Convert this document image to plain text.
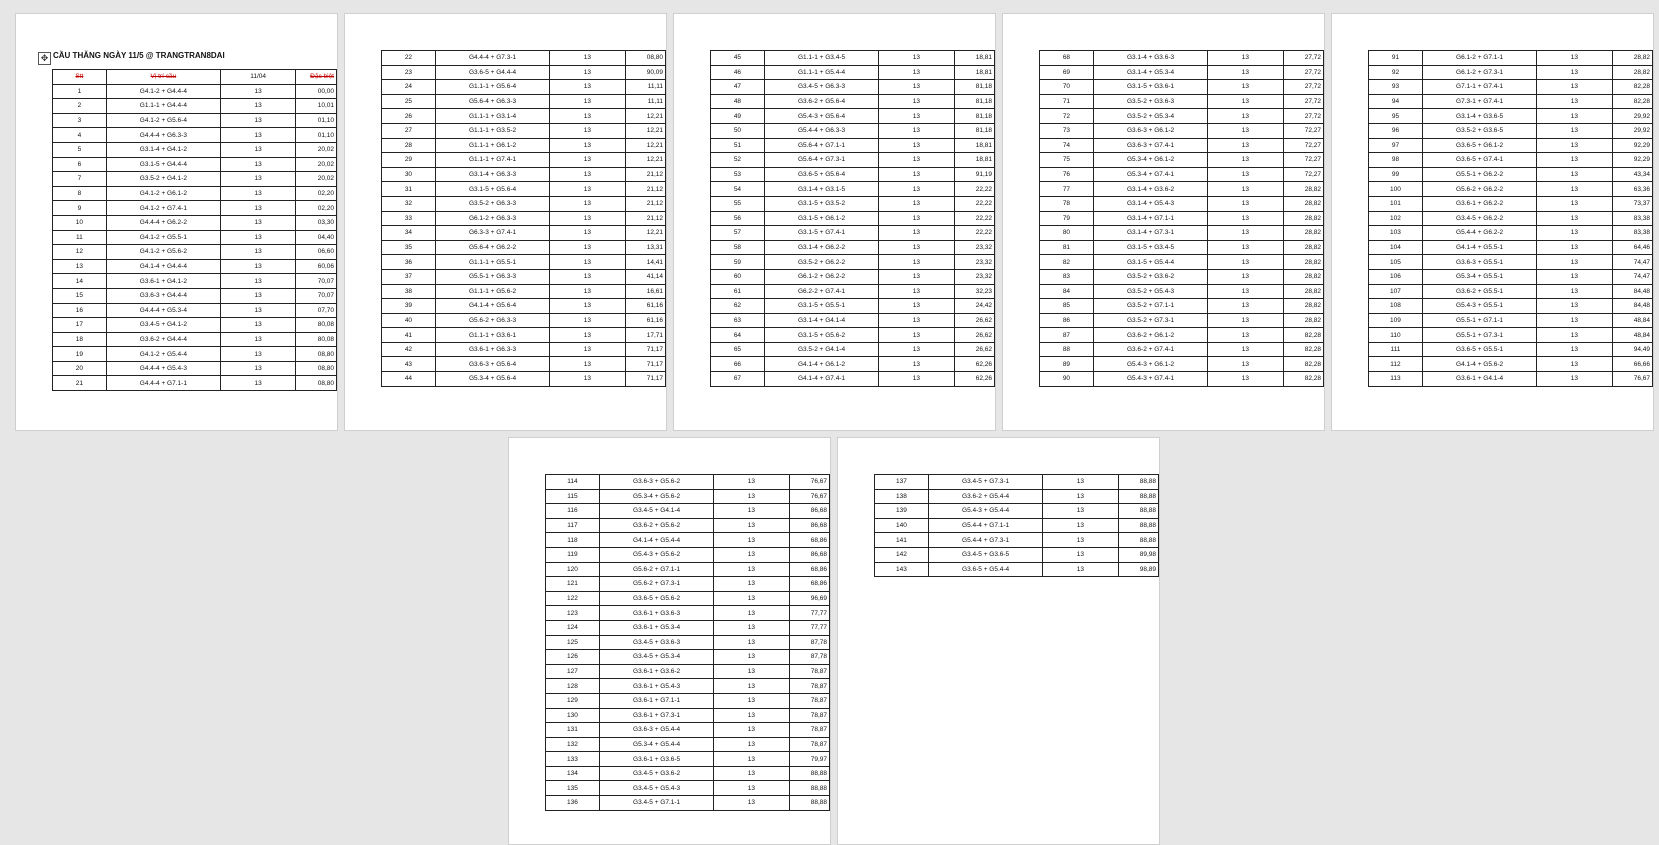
✥ CẦU THĂNG NGÀY 11/5 @ TRANGTRAN8DAI
Stt	Vị trí cầu	11/04	Đặc biệt
1	G4.1-2 + G4.4-4	13	00,00
2	G1.1-1 + G4.4-4	13	10,01
3	G4.1-2 + G5.6-4	13	01,10
4	G4.4-4 + G6.3-3	13	01,10
5	G3.1-4 + G4.1-2	13	20,02
6	G3.1-5 + G4.4-4	13	20,02
7	G3.5-2 + G4.1-2	13	20,02
8	G4.1-2 + G6.1-2	13	02,20
9	G4.1-2 + G7.4-1	13	02,20
10	G4.4-4 + G6.2-2	13	03,30
11	G4.1-2 + G5.5-1	13	04,40
12	G4.1-2 + G5.6-2	13	06,60
13	G4.1-4 + G4.4-4	13	60,06
14	G3.6-1 + G4.1-2	13	70,07
15	G3.6-3 + G4.4-4	13	70,07
16	G4.4-4 + G5.3-4	13	07,70
17	G3.4-5 + G4.1-2	13	80,08
18	G3.6-2 + G4.4-4	13	80,08
19	G4.1-2 + G5.4-4	13	08,80
20	G4.4-4 + G5.4-3	13	08,80
21	G4.4-4 + G7.1-1	13	08,80
22	G4.4-4 + G7.3-1	13	08,80
23	G3.6-5 + G4.4-4	13	90,09
24	G1.1-1 + G5.6-4	13	11,11
25	G5.6-4 + G6.3-3	13	11,11
26	G1.1-1 + G3.1-4	13	12,21
27	G1.1-1 + G3.5-2	13	12,21
28	G1.1-1 + G6.1-2	13	12,21
29	G1.1-1 + G7.4-1	13	12,21
30	G3.1-4 + G6.3-3	13	21,12
31	G3.1-5 + G5.6-4	13	21,12
32	G3.5-2 + G6.3-3	13	21,12
33	G6.1-2 + G6.3-3	13	21,12
34	G6.3-3 + G7.4-1	13	12,21
35	G5.6-4 + G6.2-2	13	13,31
36	G1.1-1 + G5.5-1	13	14,41
37	G5.5-1 + G6.3-3	13	41,14
38	G1.1-1 + G5.6-2	13	16,61
39	G4.1-4 + G5.6-4	13	61,16
40	G5.6-2 + G6.3-3	13	61,16
41	G1.1-1 + G3.6-1	13	17,71
42	G3.6-1 + G6.3-3	13	71,17
43	G3.6-3 + G5.6-4	13	71,17
44	G5.3-4 + G5.6-4	13	71,17
45	G1.1-1 + G3.4-5	13	18,81
46	G1.1-1 + G5.4-4	13	18,81
47	G3.4-5 + G6.3-3	13	81,18
48	G3.6-2 + G5.6-4	13	81,18
49	G5.4-3 + G5.6-4	13	81,18
50	G5.4-4 + G6.3-3	13	81,18
51	G5.6-4 + G7.1-1	13	18,81
52	G5.6-4 + G7.3-1	13	18,81
53	G3.6-5 + G5.6-4	13	91,19
54	G3.1-4 + G3.1-5	13	22,22
55	G3.1-5 + G3.5-2	13	22,22
56	G3.1-5 + G6.1-2	13	22,22
57	G3.1-5 + G7.4-1	13	22,22
58	G3.1-4 + G6.2-2	13	23,32
59	G3.5-2 + G6.2-2	13	23,32
60	G6.1-2 + G6.2-2	13	23,32
61	G6.2-2 + G7.4-1	13	32,23
62	G3.1-5 + G5.5-1	13	24,42
63	G3.1-4 + G4.1-4	13	26,62
64	G3.1-5 + G5.6-2	13	26,62
65	G3.5-2 + G4.1-4	13	26,62
66	G4.1-4 + G6.1-2	13	62,26
67	G4.1-4 + G7.4-1	13	62,26
68	G3.1-4 + G3.6-3	13	27,72
69	G3.1-4 + G5.3-4	13	27,72
70	G3.1-5 + G3.6-1	13	27,72
71	G3.5-2 + G3.6-3	13	27,72
72	G3.5-2 + G5.3-4	13	27,72
73	G3.6-3 + G6.1-2	13	72,27
74	G3.6-3 + G7.4-1	13	72,27
75	G5.3-4 + G6.1-2	13	72,27
76	G5.3-4 + G7.4-1	13	72,27
77	G3.1-4 + G3.6-2	13	28,82
78	G3.1-4 + G5.4-3	13	28,82
79	G3.1-4 + G7.1-1	13	28,82
80	G3.1-4 + G7.3-1	13	28,82
81	G3.1-5 + G3.4-5	13	28,82
82	G3.1-5 + G5.4-4	13	28,82
83	G3.5-2 + G3.6-2	13	28,82
84	G3.5-2 + G5.4-3	13	28,82
85	G3.5-2 + G7.1-1	13	28,82
86	G3.5-2 + G7.3-1	13	28,82
87	G3.6-2 + G6.1-2	13	82,28
88	G3.6-2 + G7.4-1	13	82,28
89	G5.4-3 + G6.1-2	13	82,28
90	G5.4-3 + G7.4-1	13	82,28
91	G6.1-2 + G7.1-1	13	28,82
92	G6.1-2 + G7.3-1	13	28,82
93	G7.1-1 + G7.4-1	13	82,28
94	G7.3-1 + G7.4-1	13	82,28
95	G3.1-4 + G3.6-5	13	29,92
96	G3.5-2 + G3.6-5	13	29,92
97	G3.6-5 + G6.1-2	13	92,29
98	G3.6-5 + G7.4-1	13	92,29
99	G5.5-1 + G6.2-2	13	43,34
100	G5.6-2 + G6.2-2	13	63,36
101	G3.6-1 + G6.2-2	13	73,37
102	G3.4-5 + G6.2-2	13	83,38
103	G5.4-4 + G6.2-2	13	83,38
104	G4.1-4 + G5.5-1	13	64,46
105	G3.6-3 + G5.5-1	13	74,47
106	G5.3-4 + G5.5-1	13	74,47
107	G3.6-2 + G5.5-1	13	84,48
108	G5.4-3 + G5.5-1	13	84,48
109	G5.5-1 + G7.1-1	13	48,84
110	G5.5-1 + G7.3-1	13	48,84
111	G3.6-5 + G5.5-1	13	94,49
112	G4.1-4 + G5.6-2	13	66,66
113	G3.6-1 + G4.1-4	13	76,67
114	G3.6-3 + G5.6-2	13	76,67
115	G5.3-4 + G5.6-2	13	76,67
116	G3.4-5 + G4.1-4	13	86,68
117	G3.6-2 + G5.6-2	13	86,68
118	G4.1-4 + G5.4-4	13	68,86
119	G5.4-3 + G5.6-2	13	86,68
120	G5.6-2 + G7.1-1	13	68,86
121	G5.6-2 + G7.3-1	13	68,86
122	G3.6-5 + G5.6-2	13	96,69
123	G3.6-1 + G3.6-3	13	77,77
124	G3.6-1 + G5.3-4	13	77,77
125	G3.4-5 + G3.6-3	13	87,78
126	G3.4-5 + G5.3-4	13	87,78
127	G3.6-1 + G3.6-2	13	78,87
128	G3.6-1 + G5.4-3	13	78,87
129	G3.6-1 + G7.1-1	13	78,87
130	G3.6-1 + G7.3-1	13	78,87
131	G3.6-3 + G5.4-4	13	78,87
132	G5.3-4 + G5.4-4	13	78,87
133	G3.6-1 + G3.6-5	13	79,97
134	G3.4-5 + G3.6-2	13	88,88
135	G3.4-5 + G5.4-3	13	88,88
136	G3.4-5 + G7.1-1	13	88,88
137	G3.4-5 + G7.3-1	13	88,88
138	G3.6-2 + G5.4-4	13	88,88
139	G5.4-3 + G5.4-4	13	88,88
140	G5.4-4 + G7.1-1	13	88,88
141	G5.4-4 + G7.3-1	13	88,88
142	G3.4-5 + G3.6-5	13	89,98
143	G3.6-5 + G5.4-4	13	98,89
